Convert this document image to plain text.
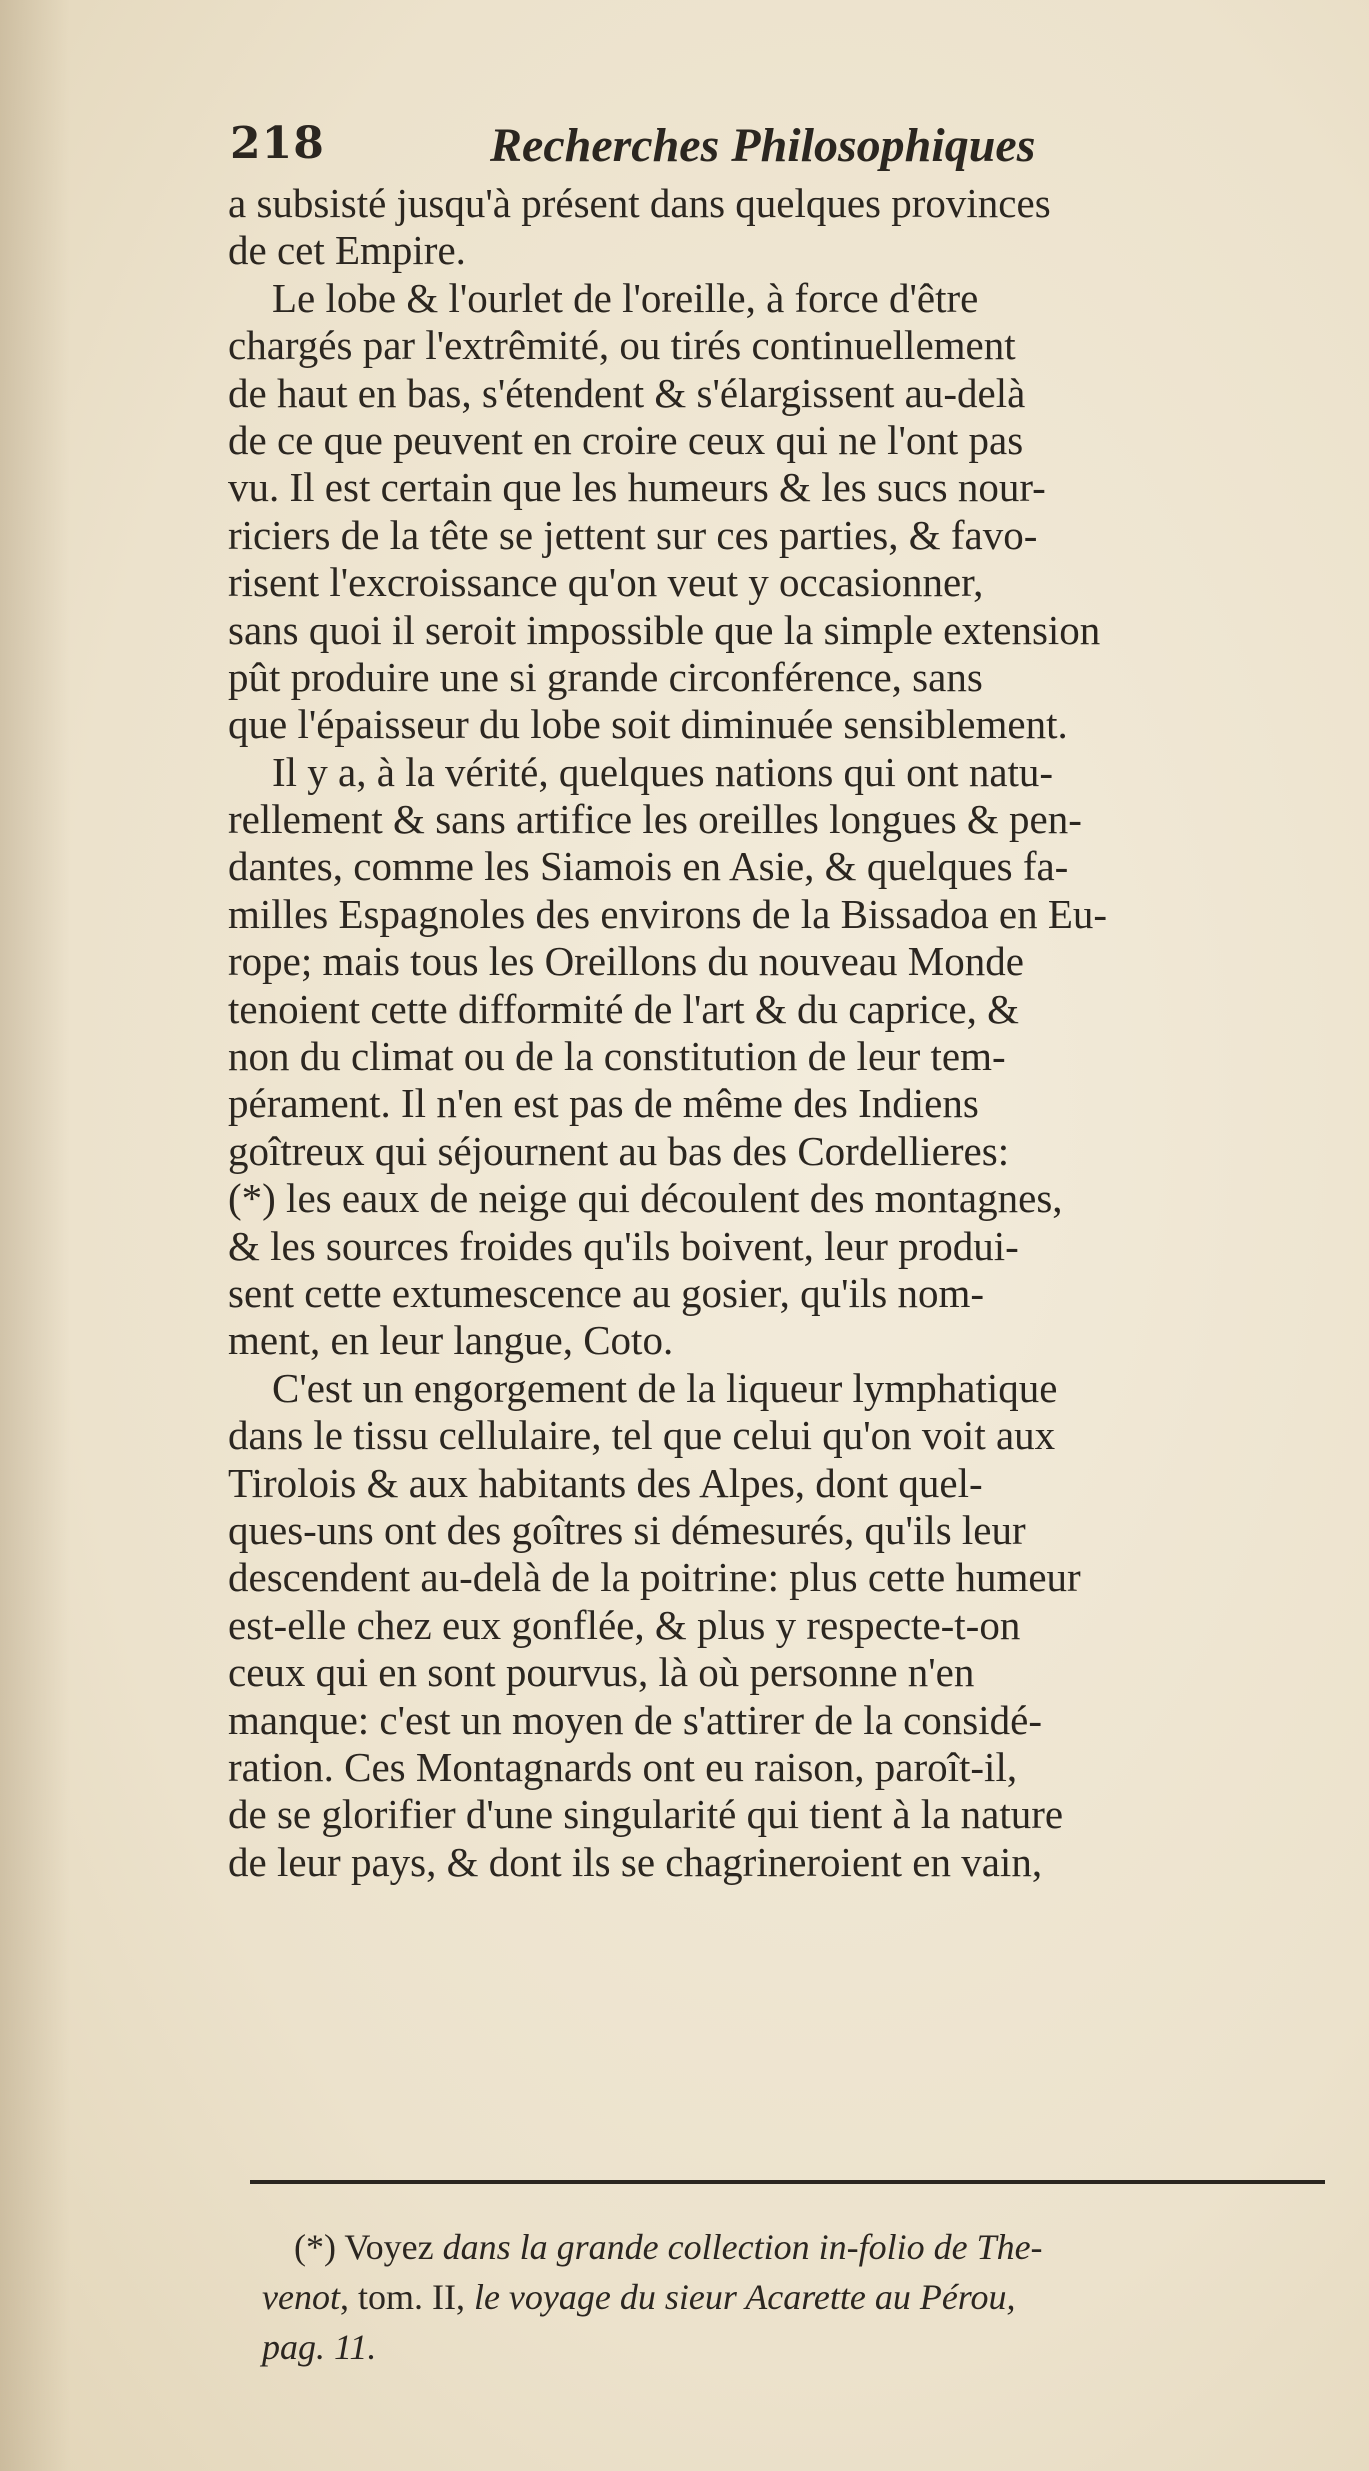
218	Recherches Philosophiques
a subsisté jusqu'à présent dans quelques provinces
de cet Empire.
Le lobe & l'ourlet de l'oreille, à force d'être
chargés par l'extrêmité, ou tirés continuellement
de haut en bas, s'étendent & s'élargissent au-delà
de ce que peuvent en croire ceux qui ne l'ont pas
vu. Il est certain que les humeurs & les sucs nour-
riciers de la tête se jettent sur ces parties, & favo-
risent l'excroissance qu'on veut y occasionner,
sans quoi il seroit impossible que la simple extension
pût produire une si grande circonférence, sans
que l'épaisseur du lobe soit diminuée sensiblement.
Il y a, à la vérité, quelques nations qui ont natu-
rellement & sans artifice les oreilles longues & pen-
dantes, comme les Siamois en Asie, & quelques fa-
milles Espagnoles des environs de la Bissadoa en Eu-
rope; mais tous les Oreillons du nouveau Monde
tenoient cette difformité de l'art & du caprice, &
non du climat ou de la constitution de leur tem-
pérament. Il n'en est pas de même des Indiens
goîtreux qui séjournent au bas des Cordellieres:
(*) les eaux de neige qui découlent des montagnes,
& les sources froides qu'ils boivent, leur produi-
sent cette extumescence au gosier, qu'ils nom-
ment, en leur langue, Coto.
C'est un engorgement de la liqueur lymphatique
dans le tissu cellulaire, tel que celui qu'on voit aux
Tirolois & aux habitants des Alpes, dont quel-
ques-uns ont des goîtres si démesurés, qu'ils leur
descendent au-delà de la poitrine: plus cette humeur
est-elle chez eux gonflée, & plus y respecte-t-on
ceux qui en sont pourvus, là où personne n'en
manque: c'est un moyen de s'attirer de la considé-
ration. Ces Montagnards ont eu raison, paroît-il,
de se glorifier d'une singularité qui tient à la nature
de leur pays, & dont ils se chagrineroient en vain,
(*) Voyez dans la grande collection in-folio de The-
venot, tom. II, le voyage du sieur Acarette au Pérou,
pag. 11.
